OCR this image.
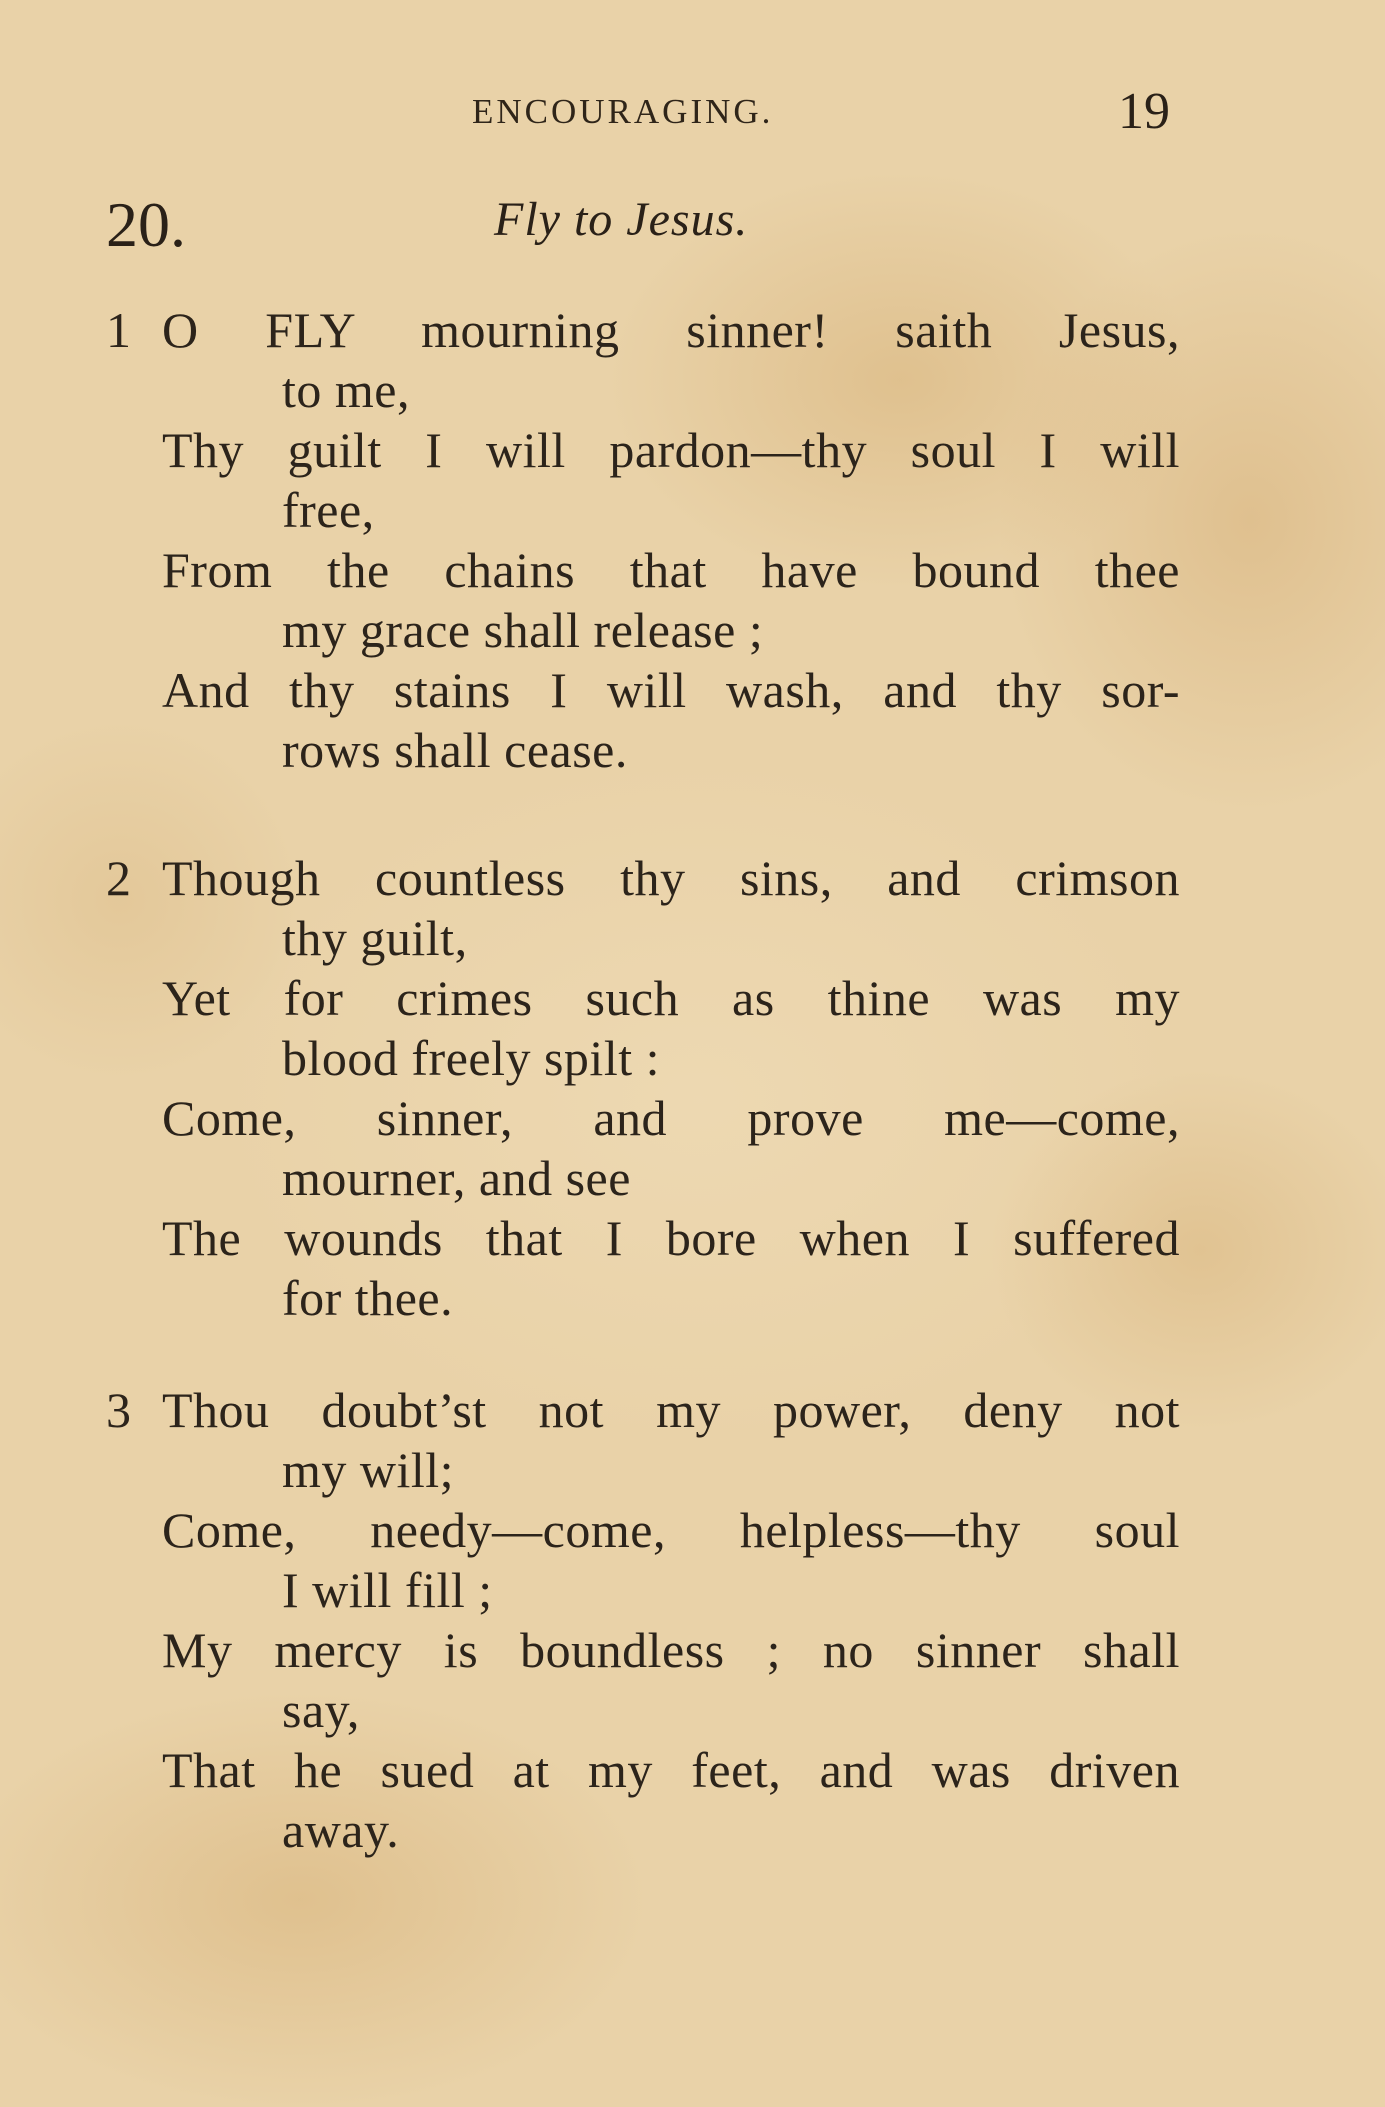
ENCOURAGING.	19
20.	Fly to Jesus.
1 O FLY mourning sinner! saith Jesus,
to me,
Thy guilt I will pardon—thy soul I will
free,
From the chains that have bound thee
my grace shall release ;
And thy stains I will wash, and thy sor-
rows shall cease.
2 Though countless thy sins, and crimson
thy guilt,
Yet for crimes such as thine was my
blood freely spilt :
Come, sinner, and prove me—come,
mourner, and see
The wounds that I bore when I suffered
for thee.
3 Thou doubt’st not my power, deny not
my will;
Come, needy—come, helpless—thy soul
I will fill ;
My mercy is boundless ; no sinner shall
say,
That he sued at my feet, and was driven
away.
